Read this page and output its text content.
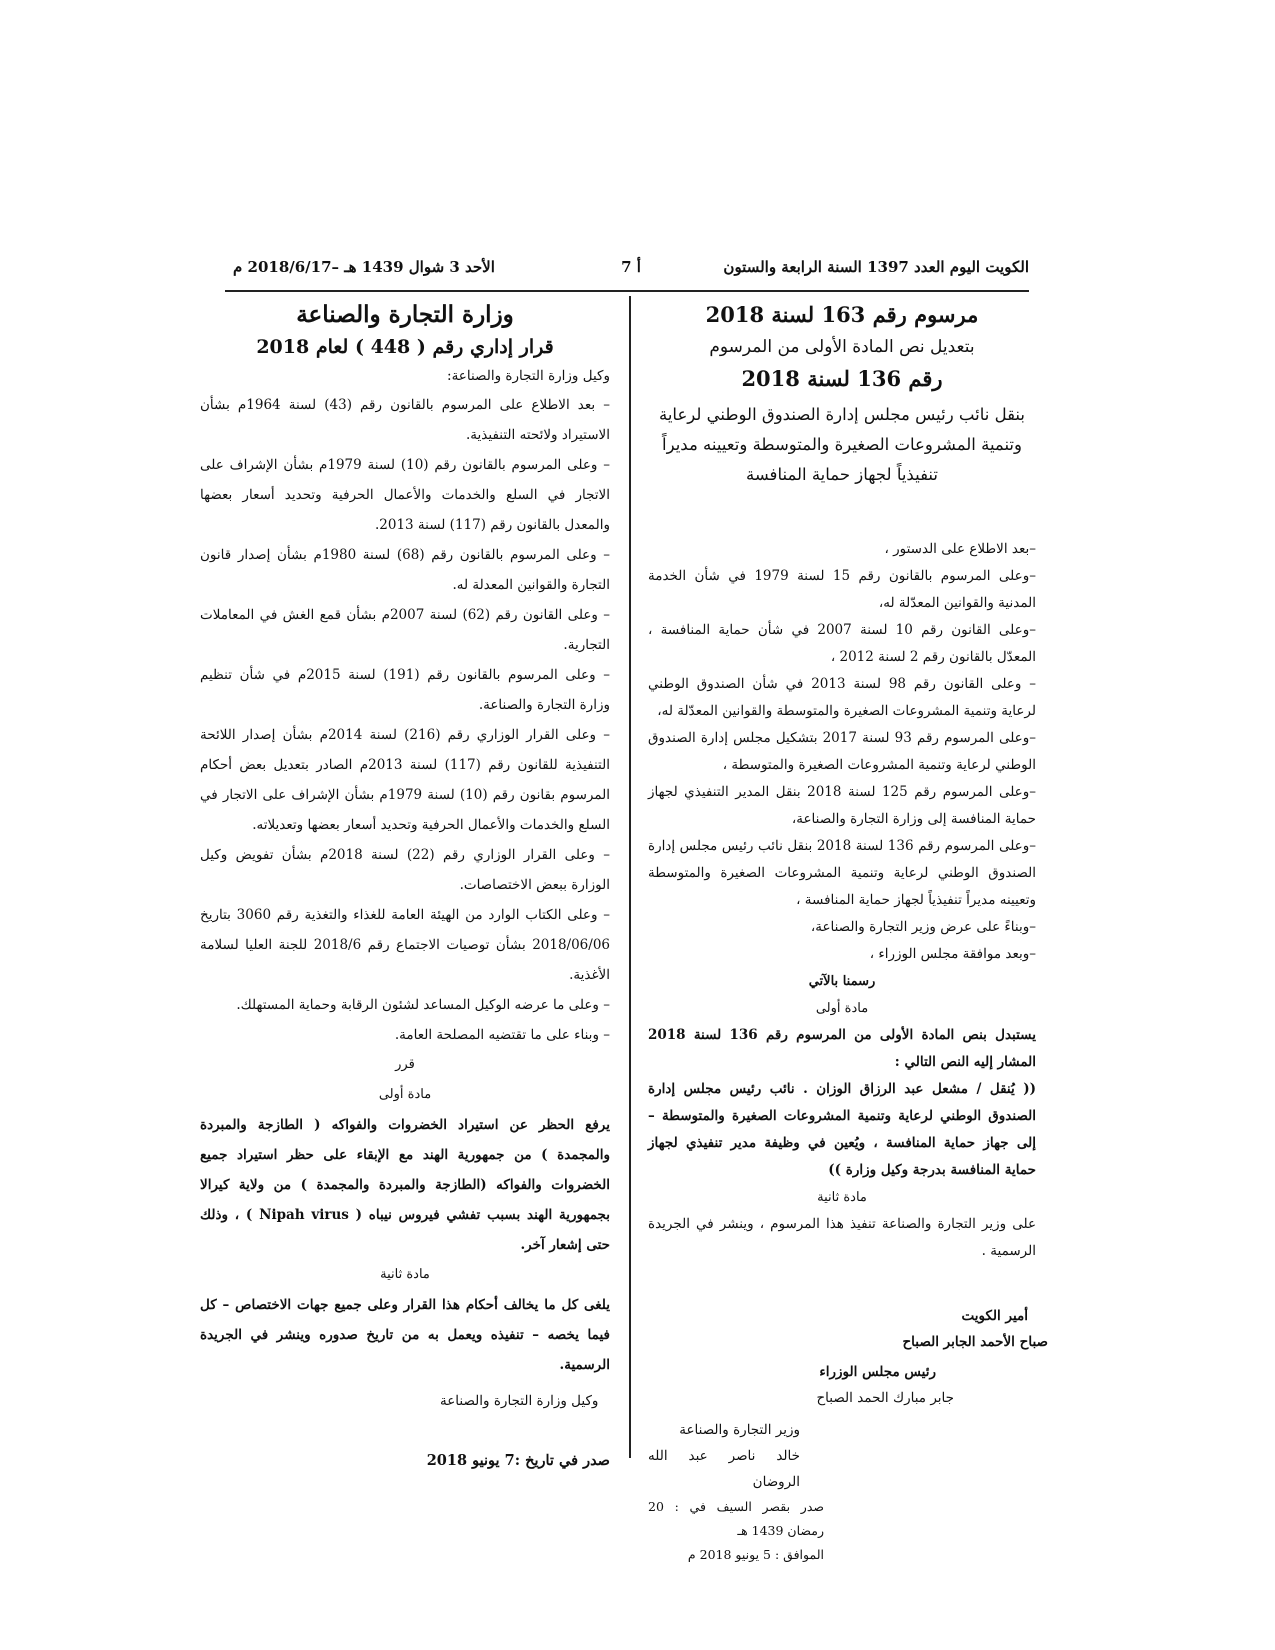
الكويت اليوم العدد 1397 السنة الرابعة والستون
أ 7
الأحد 3 شوال 1439 هـ –2018/6/17 م
مرسوم رقم 163 لسنة 2018
بتعديل نص المادة الأولى من المرسوم
رقم 136 لسنة 2018
بنقل نائب رئيس مجلس إدارة الصندوق الوطني لرعاية
وتنمية المشروعات الصغيرة والمتوسطة وتعيينه مديراً
تنفيذياً لجهاز حماية المنافسة

–بعد الاطلاع على الدستور ،

–وعلى المرسوم بالقانون رقم 15 لسنة 1979 في شأن الخدمة المدنية والقوانين المعدّلة له،

–وعلى القانون رقم 10 لسنة 2007 في شأن حماية المنافسة ، المعدّل بالقانون رقم 2 لسنة 2012 ،

– وعلى القانون رقم 98 لسنة 2013 في شأن الصندوق الوطني لرعاية وتنمية المشروعات الصغيرة والمتوسطة والقوانين المعدّلة له،

–وعلى المرسوم رقم 93 لسنة 2017 بتشكيل مجلس إدارة الصندوق الوطني لرعاية وتنمية المشروعات الصغيرة والمتوسطة ،

–وعلى المرسوم رقم 125 لسنة 2018 بنقل المدير التنفيذي لجهاز حماية المنافسة إلى وزارة التجارة والصناعة،

–وعلى المرسوم رقم 136 لسنة 2018 بنقل نائب رئيس مجلس إدارة الصندوق الوطني لرعاية وتنمية المشروعات الصغيرة والمتوسطة وتعيينه مديراً تنفيذياً لجهاز حماية المنافسة ،

–وبناءً على عرض وزير التجارة والصناعة،

–وبعد موافقة مجلس الوزراء ،

رسمنا بالآتي
مادة أولى

يستبدل بنص المادة الأولى من المرسوم رقم 136 لسنة 2018 المشار إليه النص التالي :

(( يُنقل / مشعل عبد الرزاق الوزان . نائب رئيس مجلس إدارة الصندوق الوطني لرعاية وتنمية المشروعات الصغيرة والمتوسطة – إلى جهاز حماية المنافسة ، ويُعين في وظيفة مدير تنفيذي لجهاز حماية المنافسة بدرجة وكيل وزارة ))

مادة ثانية

على وزير التجارة والصناعة تنفيذ هذا المرسوم ، وينشر في الجريدة الرسمية .

أمير الكويت
صباح الأحمد الجابر الصباح
رئيس مجلس الوزراء
جابر مبارك الحمد الصباح
وزير التجارة والصناعة
خالد ناصر عبد الله الروضان
صدر بقصر السيف في : 20 رمضان 1439 هـ
الموافق : 5 يونيو 2018 م
وزارة التجارة والصناعة
قرار إداري رقم ( 448 ) لعام 2018

وكيل وزارة التجارة والصناعة:

– بعد الاطلاع على المرسوم بالقانون رقم (43) لسنة 1964م بشأن الاستيراد ولائحته التنفيذية.

– وعلى المرسوم بالقانون رقم (10) لسنة 1979م بشأن الإشراف على الاتجار في السلع والخدمات والأعمال الحرفية وتحديد أسعار بعضها والمعدل بالقانون رقم (117) لسنة 2013.

– وعلى المرسوم بالقانون رقم (68) لسنة 1980م بشأن إصدار قانون التجارة والقوانين المعدلة له.

– وعلى القانون رقم (62) لسنة 2007م بشأن قمع الغش في المعاملات التجارية.

– وعلى المرسوم بالقانون رقم (191) لسنة 2015م في شأن تنظيم وزارة التجارة والصناعة.

– وعلى القرار الوزاري رقم (216) لسنة 2014م بشأن إصدار اللائحة التنفيذية للقانون رقم (117) لسنة 2013م الصادر بتعديل بعض أحكام المرسوم بقانون رقم (10) لسنة 1979م بشأن الإشراف على الاتجار في السلع والخدمات والأعمال الحرفية وتحديد أسعار بعضها وتعديلاته.

– وعلى القرار الوزاري رقم (22) لسنة 2018م بشأن تفويض وكيل الوزارة ببعض الاختصاصات.

– وعلى الكتاب الوارد من الهيئة العامة للغذاء والتغذية رقم 3060 بتاريخ 2018/06/06 بشأن توصيات الاجتماع رقم 2018/6 للجنة العليا لسلامة الأغذية.

– وعلى ما عرضه الوكيل المساعد لشئون الرقابة وحماية المستهلك.

– وبناء على ما تقتضيه المصلحة العامة.

قرر
مادة أولى

يرفع الحظر عن استيراد الخضروات والفواكه ( الطازجة والمبردة والمجمدة ) من جمهورية الهند مع الإبقاء على حظر استيراد جميع الخضروات والفواكه (الطازجة والمبردة والمجمدة ) من ولاية كيرالا بجمهورية الهند بسبب تفشي فيروس نيباه ( Nipah virus ) ، وذلك حتى إشعار آخر.

مادة ثانية

يلغى كل ما يخالف أحكام هذا القرار وعلى جميع جهات الاختصاص – كل فيما يخصه – تنفيذه ويعمل به من تاريخ صدوره وينشر في الجريدة الرسمية.

وكيل وزارة التجارة والصناعة
صدر في تاريخ :7 يونيو 2018
